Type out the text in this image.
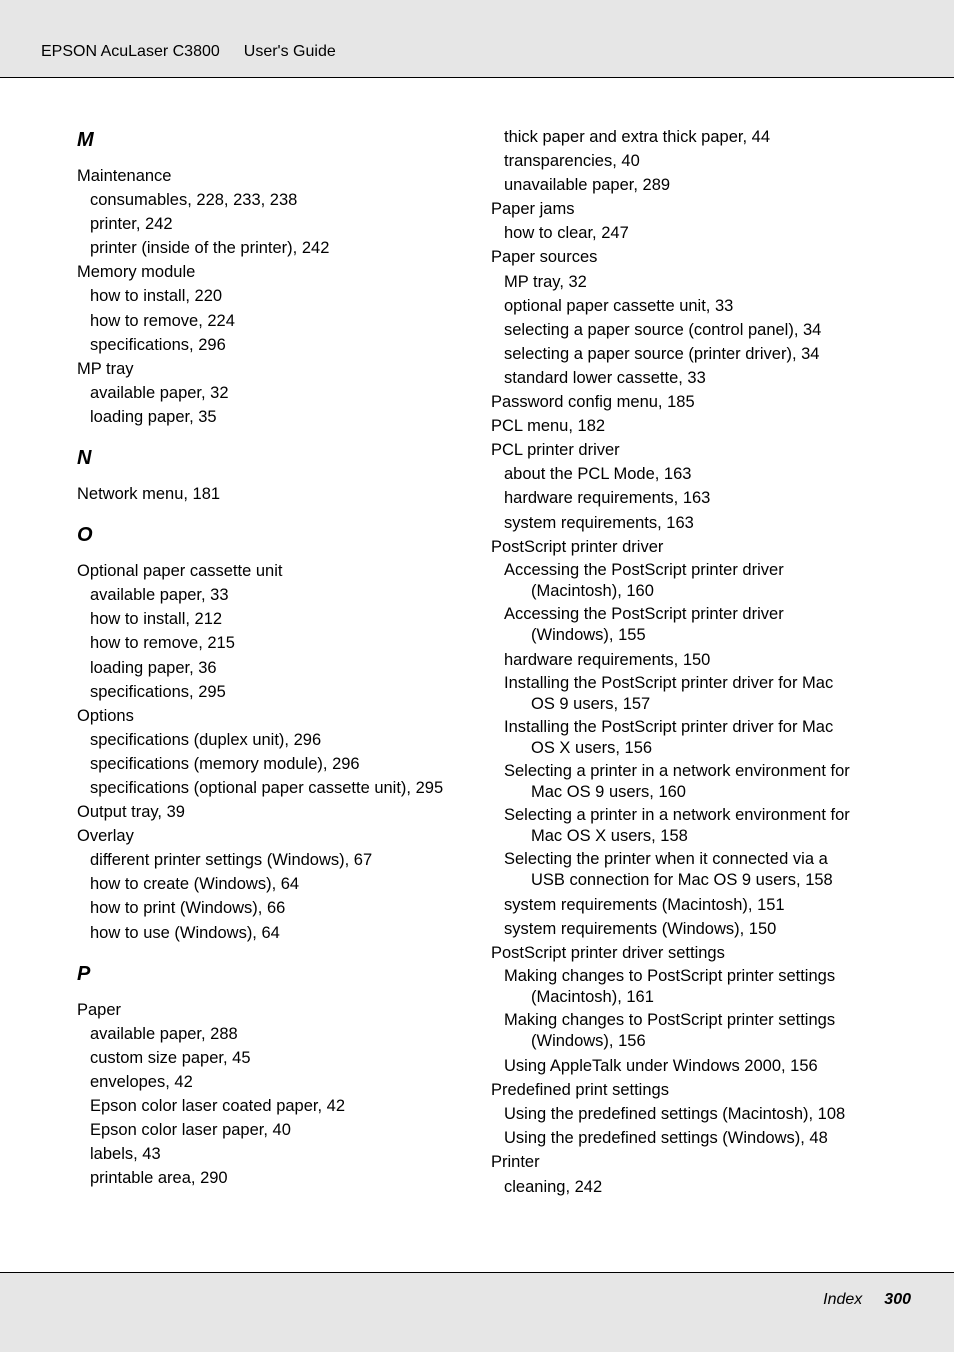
EPSON AcuLaser C3800 User's Guide
M
Maintenance
consumables, 228, 233, 238
printer, 242
printer (inside of the printer), 242
Memory module
how to install, 220
how to remove, 224
specifications, 296
MP tray
available paper, 32
loading paper, 35
N
Network menu, 181
O
Optional paper cassette unit
available paper, 33
how to install, 212
how to remove, 215
loading paper, 36
specifications, 295
Options
specifications (duplex unit), 296
specifications (memory module), 296
specifications (optional paper cassette unit), 295
Output tray, 39
Overlay
different printer settings (Windows), 67
how to create (Windows), 64
how to print (Windows), 66
how to use (Windows), 64
P
Paper
available paper, 288
custom size paper, 45
envelopes, 42
Epson color laser coated paper, 42
Epson color laser paper, 40
labels, 43
printable area, 290
thick paper and extra thick paper, 44
transparencies, 40
unavailable paper, 289
Paper jams
how to clear, 247
Paper sources
MP tray, 32
optional paper cassette unit, 33
selecting a paper source (control panel), 34
selecting a paper source (printer driver), 34
standard lower cassette, 33
Password config menu, 185
PCL menu, 182
PCL printer driver
about the PCL Mode, 163
hardware requirements, 163
system requirements, 163
PostScript printer driver
Accessing the PostScript printer driver
(Macintosh), 160
Accessing the PostScript printer driver
(Windows), 155
hardware requirements, 150
Installing the PostScript printer driver for Mac
OS 9 users, 157
Installing the PostScript printer driver for Mac
OS X users, 156
Selecting a printer in a network environment for
Mac OS 9 users, 160
Selecting a printer in a network environment for
Mac OS X users, 158
Selecting the printer when it connected via a
USB connection for Mac OS 9 users, 158
system requirements (Macintosh), 151
system requirements (Windows), 150
PostScript printer driver settings
Making changes to PostScript printer settings
(Macintosh), 161
Making changes to PostScript printer settings
(Windows), 156
Using AppleTalk under Windows 2000, 156
Predefined print settings
Using the predefined settings (Macintosh), 108
Using the predefined settings (Windows), 48
Printer
cleaning, 242
Index 300
